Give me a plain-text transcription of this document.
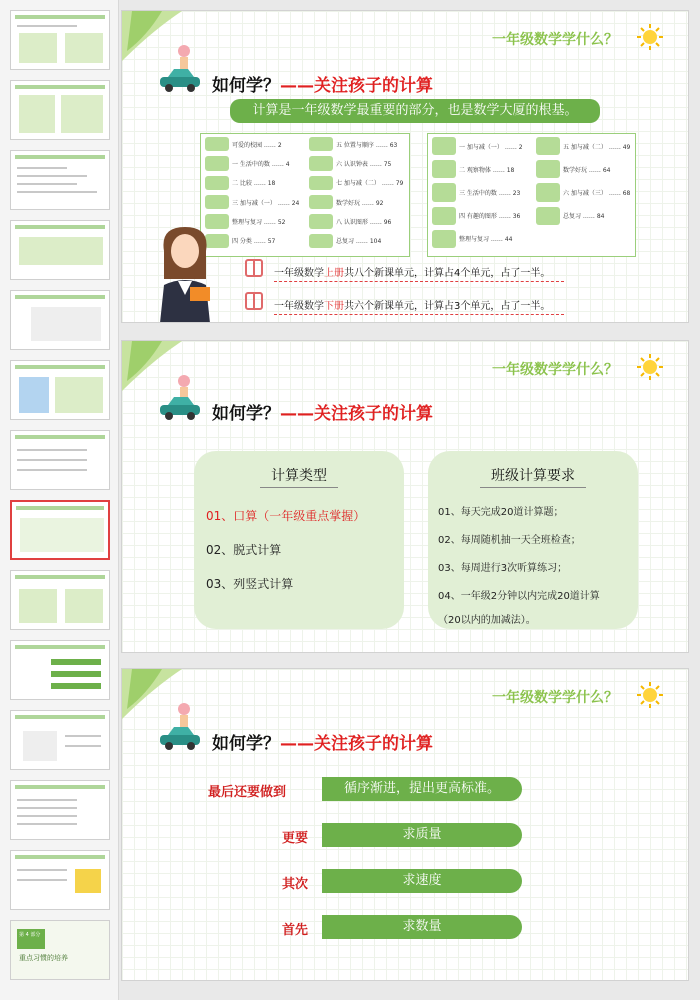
第 4 部分
重点习惯的培养
一年级数学学什么？
如何学？——关注孩子的计算
计算是一年级数学最重要的部分，也是数学大厦的根基。
可爱的校园 …… 2
一 生活中的数 …… 4
二 比较 …… 18
三 加与减（一） …… 24
整理与复习 …… 52
四 分类 …… 57
五 位置与顺序 …… 63
六 认识钟表 …… 75
七 加与减（二） …… 79
数学好玩 …… 92
八 认识图形 …… 96
总复习 …… 104
一 加与减（一） …… 2
二 观察物体 …… 18
三 生活中的数 …… 23
四 有趣的图形 …… 36
整理与复习 …… 44
五 加与减（二） …… 49
数学好玩 …… 64
六 加与减（三） …… 68
总复习 …… 84
一年级数学上册共八个新课单元，计算占4个单元，占了一半。
一年级数学下册共六个新课单元，计算占3个单元，占了一半。
一年级数学学什么？
如何学？——关注孩子的计算
计算类型
01、口算（一年级重点掌握）
02、脱式计算
03、列竖式计算
班级计算要求
01、每天完成20道计算题；
02、每周随机抽一天全班检查；
03、每周进行3次听算练习；
04、一年级2分钟以内完成20道计算
（20以内的加减法）。
一年级数学学什么？
如何学？——关注孩子的计算
最后还要做到	循序渐进，提出更高标准。
更要	求质量
其次	求速度
首先	求数量
